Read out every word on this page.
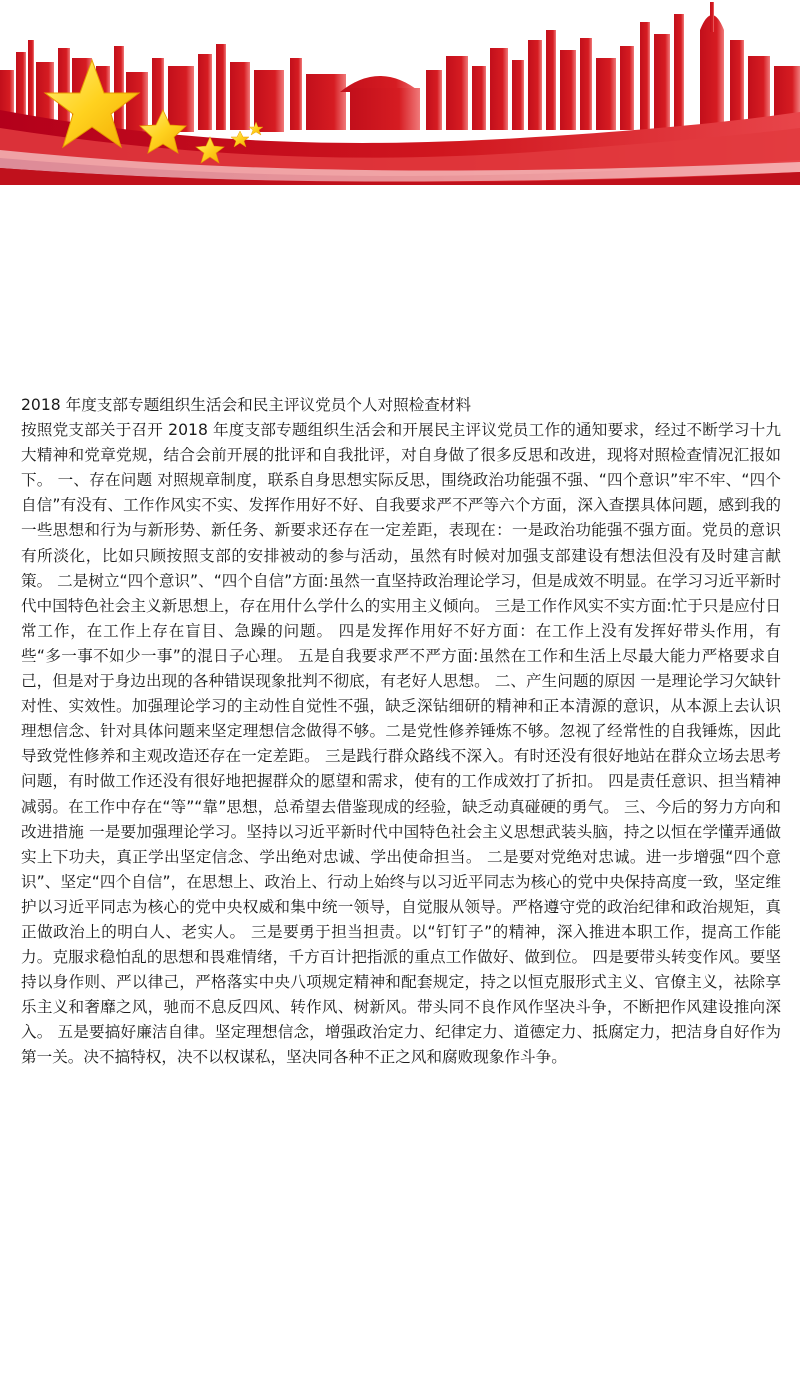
2018 年度支部专题组织生活会和民主评议党员个人对照检查材料

按照党支部关于召开 2018 年度支部专题组织生活会和开展民主评议党员工作的通知要求，经过不断学习十九大精神和党章党规，结合会前开展的批评和自我批评，对自身做了很多反思和改进，现将对照检查情况汇报如下。 一、存在问题 对照规章制度，联系自身思想实际反思，围绕政治功能强不强、“四个意识”牢不牢、“四个自信”有没有、工作作风实不实、发挥作用好不好、自我要求严不严等六个方面，深入查摆具体问题，感到我的一些思想和行为与新形势、新任务、新要求还存在一定差距，表现在：一是政治功能强不强方面。党员的意识有所淡化，比如只顾按照支部的安排被动的参与活动，虽然有时候对加强支部建设有想法但没有及时建言献策。 二是树立“四个意识”、“四个自信”方面:虽然一直坚持政治理论学习，但是成效不明显。在学习习近平新时代中国特色社会主义新思想上，存在用什么学什么的实用主义倾向。 三是工作作风实不实方面:忙于只是应付日常工作，在工作上存在盲目、急躁的问题。 四是发挥作用好不好方面：在工作上没有发挥好带头作用，有些“多一事不如少一事”的混日子心理。 五是自我要求严不严方面:虽然在工作和生活上尽最大能力严格要求自己，但是对于身边出现的各种错误现象批判不彻底，有老好人思想。 二、产生问题的原因 一是理论学习欠缺针对性、实效性。加强理论学习的主动性自觉性不强，缺乏深钻细研的精神和正本清源的意识，从本源上去认识理想信念、针对具体问题来坚定理想信念做得不够。二是党性修养锤炼不够。忽视了经常性的自我锤炼，因此导致党性修养和主观改造还存在一定差距。 三是践行群众路线不深入。有时还没有很好地站在群众立场去思考问题，有时做工作还没有很好地把握群众的愿望和需求，使有的工作成效打了折扣。 四是责任意识、担当精神减弱。在工作中存在“等”“靠”思想，总希望去借鉴现成的经验，缺乏动真碰硬的勇气。 三、今后的努力方向和改进措施 一是要加强理论学习。坚持以习近平新时代中国特色社会主义思想武装头脑，持之以恒在学懂弄通做实上下功夫，真正学出坚定信念、学出绝对忠诚、学出使命担当。 二是要对党绝对忠诚。进一步增强“四个意识”、坚定“四个自信”，在思想上、政治上、行动上始终与以习近平同志为核心的党中央保持高度一致，坚定维护以习近平同志为核心的党中央权威和集中统一领导，自觉服从领导。严格遵守党的政治纪律和政治规矩，真正做政治上的明白人、老实人。 三是要勇于担当担责。以“钉钉子”的精神，深入推进本职工作，提高工作能力。克服求稳怕乱的思想和畏难情绪，千方百计把指派的重点工作做好、做到位。 四是要带头转变作风。要坚持以身作则、严以律己，严格落实中央八项规定精神和配套规定，持之以恒克服形式主义、官僚主义，祛除享乐主义和奢靡之风，驰而不息反四风、转作风、树新风。带头同不良作风作坚决斗争，不断把作风建设推向深入。 五是要搞好廉洁自律。坚定理想信念，增强政治定力、纪律定力、道德定力、抵腐定力，把洁身自好作为第一关。决不搞特权，决不以权谋私，坚决同各种不正之风和腐败现象作斗争。
